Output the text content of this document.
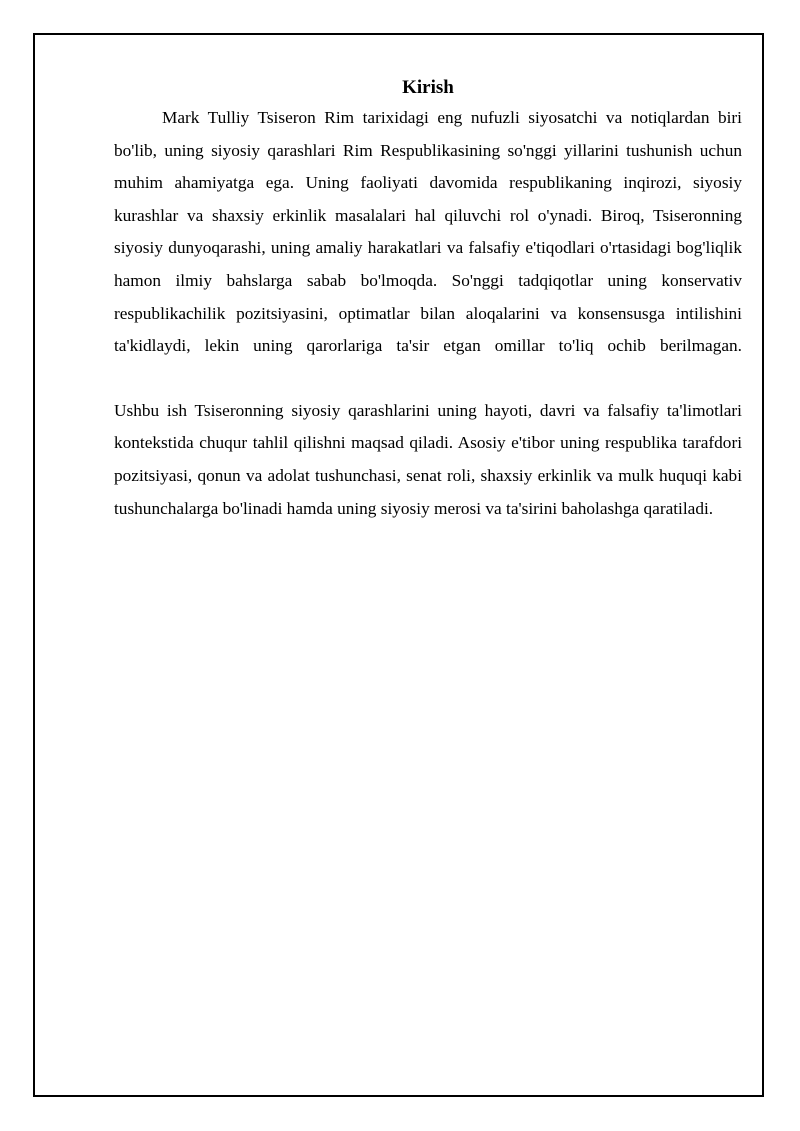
Kirish

Mark Tulliy Tsiseron Rim tarixidagi eng nufuzli siyosatchi va notiqlardan biri bo'lib, uning siyosiy qarashlari Rim Respublikasining so'nggi yillarini tushunish uchun muhim ahamiyatga ega. Uning faoliyati davomida respublikaning inqirozi, siyosiy kurashlar va shaxsiy erkinlik masalalari hal qiluvchi rol o'ynadi. Biroq, Tsiseronning siyosiy dunyoqarashi, uning amaliy harakatlari va falsafiy e'tiqodlari o'rtasidagi bog'liqlik hamon ilmiy bahslarga sabab bo'lmoqda. So'nggi tadqiqotlar uning konservativ respublikachilik pozitsiyasini, optimatlar bilan aloqalarini va konsensusga intilishini ta'kidlaydi, lekin uning qarorlariga ta'sir etgan omillar to'liq ochib berilmagan.

Ushbu ish Tsiseronning siyosiy qarashlarini uning hayoti, davri va falsafiy ta'limotlari kontekstida chuqur tahlil qilishni maqsad qiladi. Asosiy e'tibor uning respublika tarafdori pozitsiyasi, qonun va adolat tushunchasi, senat roli, shaxsiy erkinlik va mulk huquqi kabi tushunchalarga bo'linadi hamda uning siyosiy merosi va ta'sirini baholashga qaratiladi.
